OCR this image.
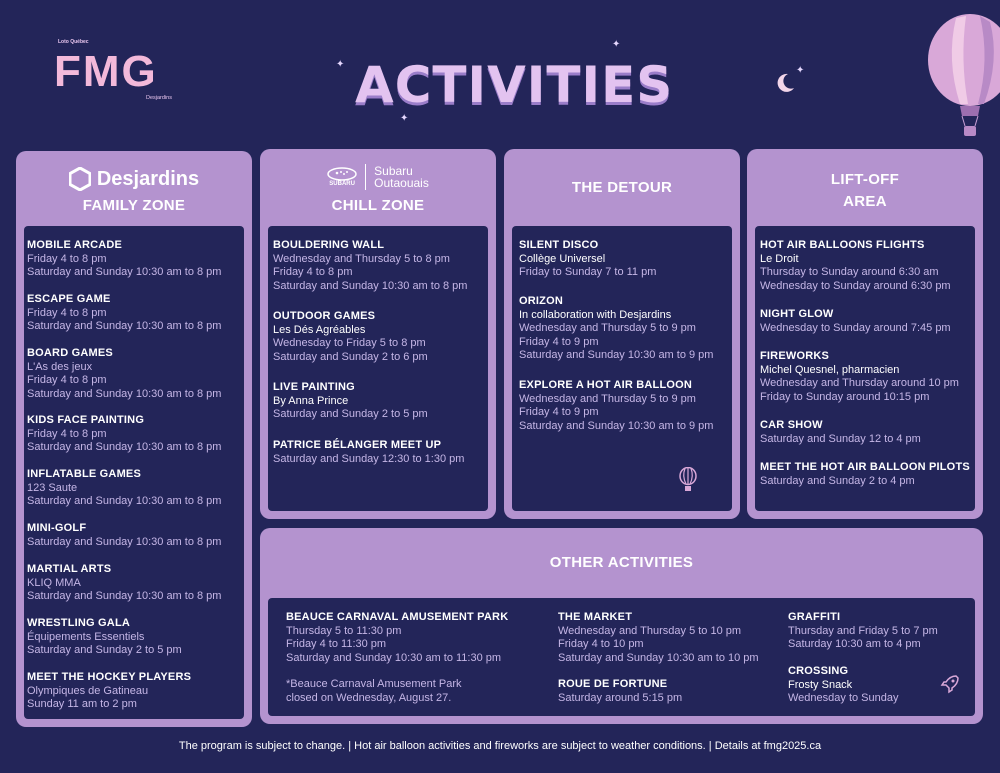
Loto Québec
FMG
Desjardins	ACTIVITIES
✦
✦
✦
✦
Desjardins
FAMILY ZONE
MOBILE ARCADE
Friday 4 to 8 pm
Saturday and Sunday 10:30 am to 8 pm
ESCAPE GAME
Friday 4 to 8 pm
Saturday and Sunday 10:30 am to 8 pm
BOARD GAMES
L'As des jeux
Friday 4 to 8 pm
Saturday and Sunday 10:30 am to 8 pm
KIDS FACE PAINTING
Friday 4 to 8 pm
Saturday and Sunday 10:30 am to 8 pm
INFLATABLE GAMES
123 Saute
Saturday and Sunday 10:30 am to 8 pm
MINI-GOLF
Saturday and Sunday 10:30 am to 8 pm
MARTIAL ARTS
KLIQ MMA
Saturday and Sunday 10:30 am to 8 pm
WRESTLING GALA
Équipements Essentiels
Saturday and Sunday 2 to 5 pm
MEET THE HOCKEY PLAYERS
Olympiques de Gatineau
Sunday 11 am to 2 pm
SUBARU
Subaru
Outaouais
CHILL ZONE
BOULDERING WALL
Wednesday and Thursday 5 to 8 pm
Friday 4 to 8 pm
Saturday and Sunday 10:30 am to 8 pm
OUTDOOR GAMES
Les Dés Agréables
Wednesday to Friday 5 to 8 pm
Saturday and Sunday 2 to 6 pm
LIVE PAINTING
By Anna Prince
Saturday and Sunday 2 to 5 pm
PATRICE BÉLANGER MEET UP
Saturday and Sunday 12:30 to 1:30 pm
THE DETOUR
SILENT DISCO
Collège Universel
Friday to Sunday 7 to 11 pm
ORIZON
In collaboration with Desjardins
Wednesday and Thursday 5 to 9 pm
Friday 4 to 9 pm
Saturday and Sunday 10:30 am to 9 pm
EXPLORE A HOT AIR BALLOON
Wednesday and Thursday 5 to 9 pm
Friday 4 to 9 pm
Saturday and Sunday 10:30 am to 9 pm
LIFT-OFF
AREA
HOT AIR BALLOONS FLIGHTS
Le Droit
Thursday to Sunday around 6:30 am
Wednesday to Sunday around 6:30 pm
NIGHT GLOW
Wednesday to Sunday around 7:45 pm
FIREWORKS
Michel Quesnel, pharmacien
Wednesday and Thursday around 10 pm
Friday to Sunday around 10:15 pm
CAR SHOW
Saturday and Sunday 12 to 4 pm
MEET THE HOT AIR BALLOON PILOTS
Saturday and Sunday 2 to 4 pm
OTHER ACTIVITIES
BEAUCE CARNAVAL AMUSEMENT PARK
Thursday 5 to 11:30 pm
Friday 4 to 11:30 pm
Saturday and Sunday 10:30 am to 11:30 pm
THE MARKET
Wednesday and Thursday 5 to 10 pm
Friday 4 to 10 pm
Saturday and Sunday 10:30 am to 10 pm
ROUE DE FORTUNE
Saturday around 5:15 pm
GRAFFITI
Thursday and Friday 5 to 7 pm
Saturday 10:30 am to 4 pm
CROSSING
Frosty Snack
Wednesday to Sunday
*Beauce Carnaval Amusement Park
closed on Wednesday, August 27.
The program is subject to change. | Hot air balloon activities and fireworks are subject to weather conditions. | Details at fmg2025.ca
